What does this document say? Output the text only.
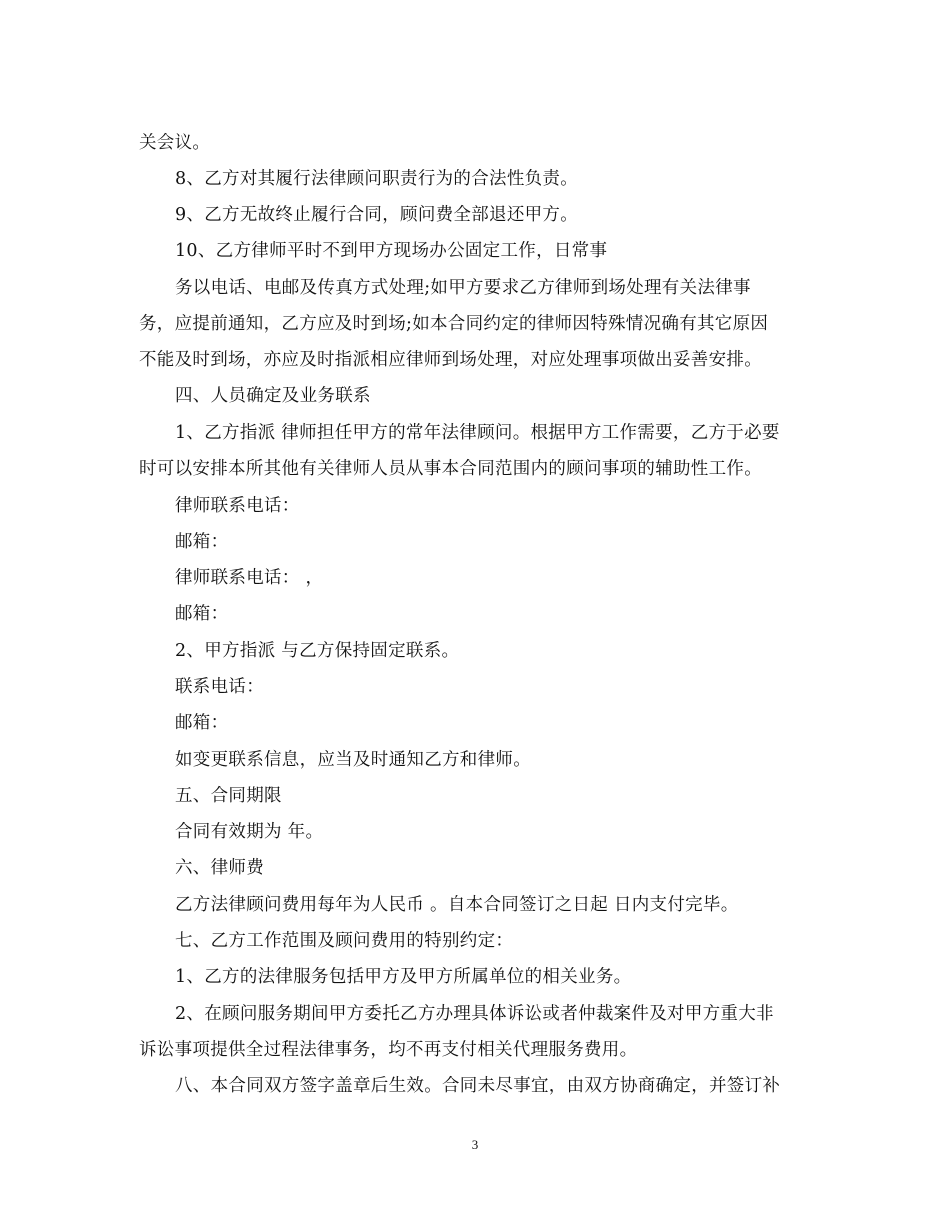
关会议。
8、乙方对其履行法律顾问职责行为的合法性负责。
9、乙方无故终止履行合同，顾问费全部退还甲方。
10、乙方律师平时不到甲方现场办公固定工作，日常事
务以电话、电邮及传真方式处理;如甲方要求乙方律师到场处理有关法律事
务，应提前通知，乙方应及时到场;如本合同约定的律师因特殊情况确有其它原因
不能及时到场，亦应及时指派相应律师到场处理，对应处理事项做出妥善安排。
四、人员确定及业务联系
1、乙方指派 律师担任甲方的常年法律顾问。根据甲方工作需要，乙方于必要
时可以安排本所其他有关律师人员从事本合同范围内的顾问事项的辅助性工作。
律师联系电话：
邮箱：
律师联系电话： ，
邮箱：
2、甲方指派 与乙方保持固定联系。
联系电话：
邮箱：
如变更联系信息，应当及时通知乙方和律师。
五、合同期限
合同有效期为 年。
六、律师费
乙方法律顾问费用每年为人民币 。自本合同签订之日起 日内支付完毕。
七、乙方工作范围及顾问费用的特别约定：
1、乙方的法律服务包括甲方及甲方所属单位的相关业务。
2、在顾问服务期间甲方委托乙方办理具体诉讼或者仲裁案件及对甲方重大非
诉讼事项提供全过程法律事务，均不再支付相关代理服务费用。
八、本合同双方签字盖章后生效。合同未尽事宜，由双方协商确定，并签订补
3
